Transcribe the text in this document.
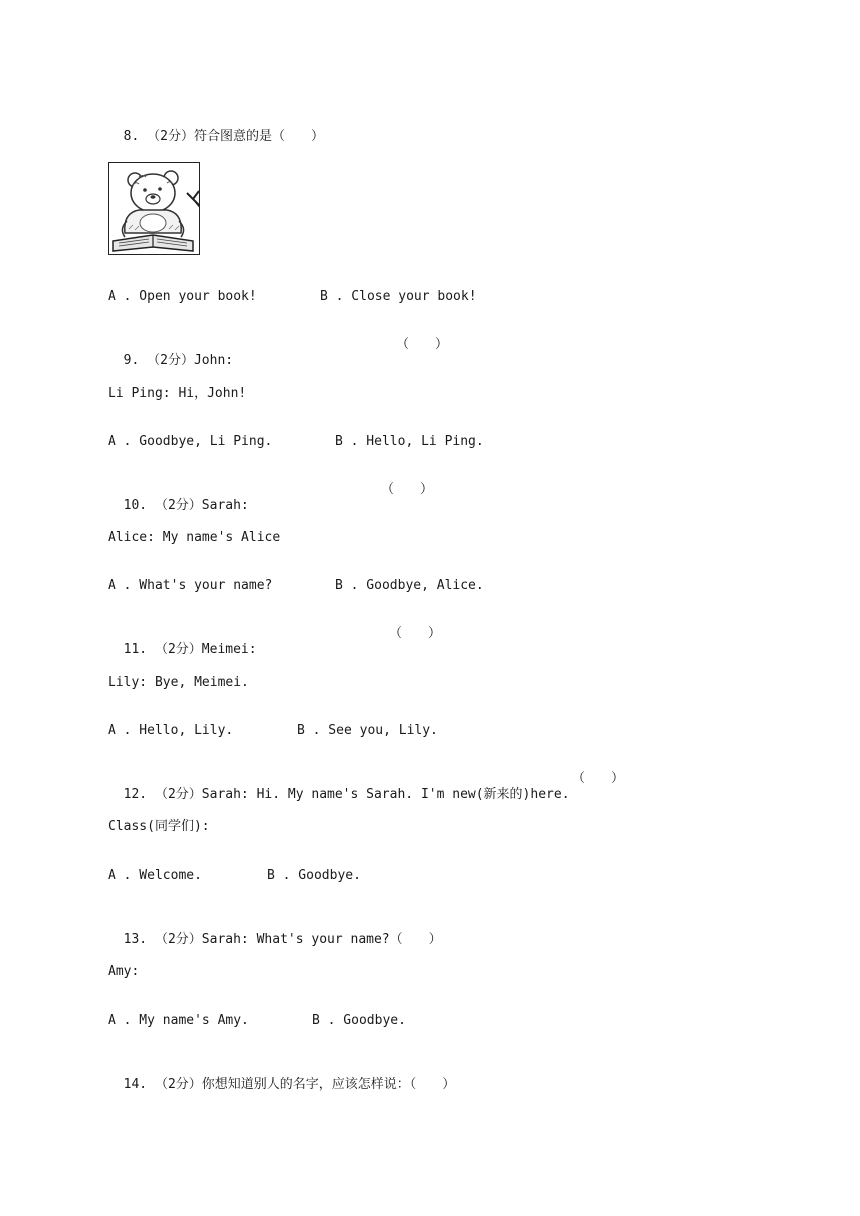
8. （2分）符合图意的是（　　）

A . Open your book!	B . Close your book!

9. （2分）John:

（　　）
Li Ping: Hi，John!
A . Goodbye, Li Ping.	B . Hello, Li Ping.

10. （2分）Sarah:

（　　）
Alice: My name's Alice
A . What's your name?	B . Goodbye, Alice.

11. （2分）Meimei:

（　　）
Lily: Bye, Meimei.
A . Hello, Lily.	B . See you, Lily.

12. （2分）Sarah: Hi. My name's Sarah. I'm new(新来的)here.

（　　）
Class(同学们):
A . Welcome.	B . Goodbye.

13. （2分）Sarah: What's your name?（　　）

Amy:
A . My name's Amy.	B . Goodbye.

14. （2分）你想知道别人的名字，应该怎样说：（　　）
